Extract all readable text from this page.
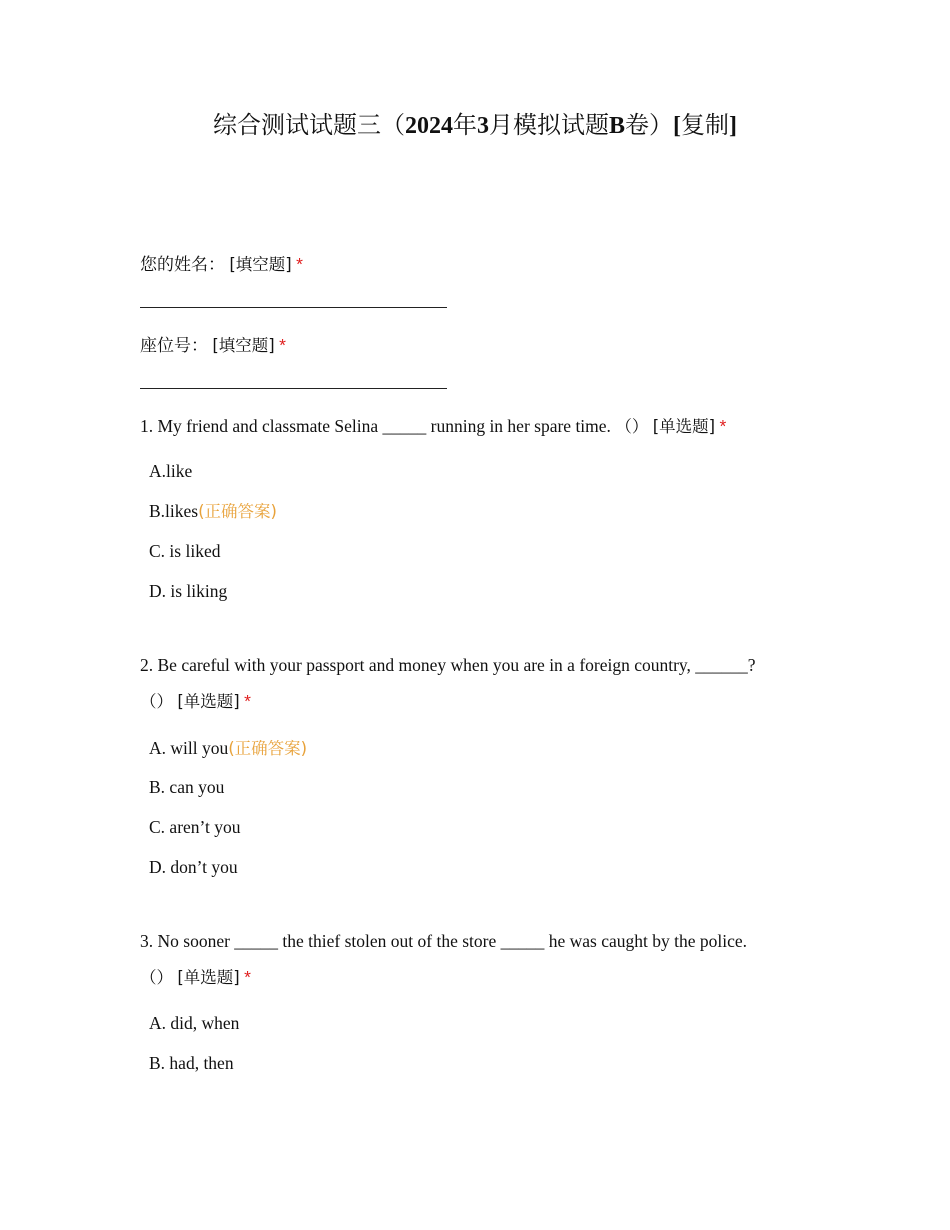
综合测试试题三（2024年3月模拟试题B卷）[复制]
您的姓名： [填空题] *
座位号： [填空题] *
1. My friend and classmate Selina _____ running in her spare time. （） [单选题] *
A.like
B.likes(正确答案)
C. is liked
D. is liking
2. Be careful with your passport and money when you are in a foreign country, ______?
（） [单选题] *
A. will you(正确答案)
B. can you
C. aren’t you
D. don’t you
3. No sooner _____ the thief stolen out of the store _____ he was caught by the police.
（） [单选题] *
A. did, when
B. had, then
